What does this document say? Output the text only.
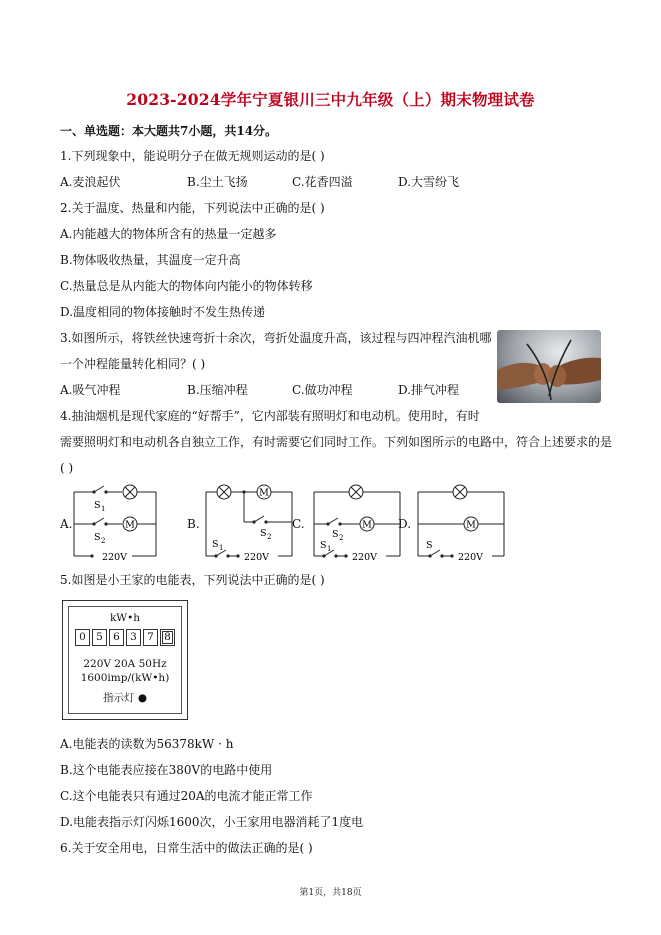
2023-2024学年宁夏银川三中九年级（上）期末物理试卷
一、单选题：本大题共7小题，共14分。
1.下列现象中，能说明分子在做无规则运动的是( )
A.麦浪起伏	B.尘土飞扬	C.花香四溢	D.大雪纷飞
2.关于温度、热量和内能，下列说法中正确的是( )
A.内能越大的物体所含有的热量一定越多
B.物体吸收热量，其温度一定升高
C.热量总是从内能大的物体向内能小的物体转移
D.温度相同的物体接触时不发生热传递
3.如图所示，将铁丝快速弯折十余次，弯折处温度升高，该过程与四冲程汽油机哪
一个冲程能量转化相同？( )
A.吸气冲程	B.压缩冲程	C.做功冲程	D.排气冲程
4.抽油烟机是现代家庭的“好帮手”，它内部装有照明灯和电动机。使用时，有时
需要照明灯和电动机各自独立工作，有时需要它们同时工作。下列如图所示的电路中，符合上述要求的是
( )
A.	B.	C.	D.
M
S 1
S 2
220V
M
S 2
S 1
220V
M
S 2
S 1
220V
M
S
220V
5.如图是小王家的电能表，下列说法中正确的是( )
kW•h
0 5 6 3 7 8
220V 20A 50Hz
1600imp/(kW•h)
指示灯 ●
A.电能表的读数为56378kW · h
B.这个电能表应接在380V的电路中使用
C.这个电能表只有通过20A的电流才能正常工作
D.电能表指示灯闪烁1600次，小王家用电器消耗了1度电
6.关于安全用电，日常生活中的做法正确的是( )
第1页，共18页
